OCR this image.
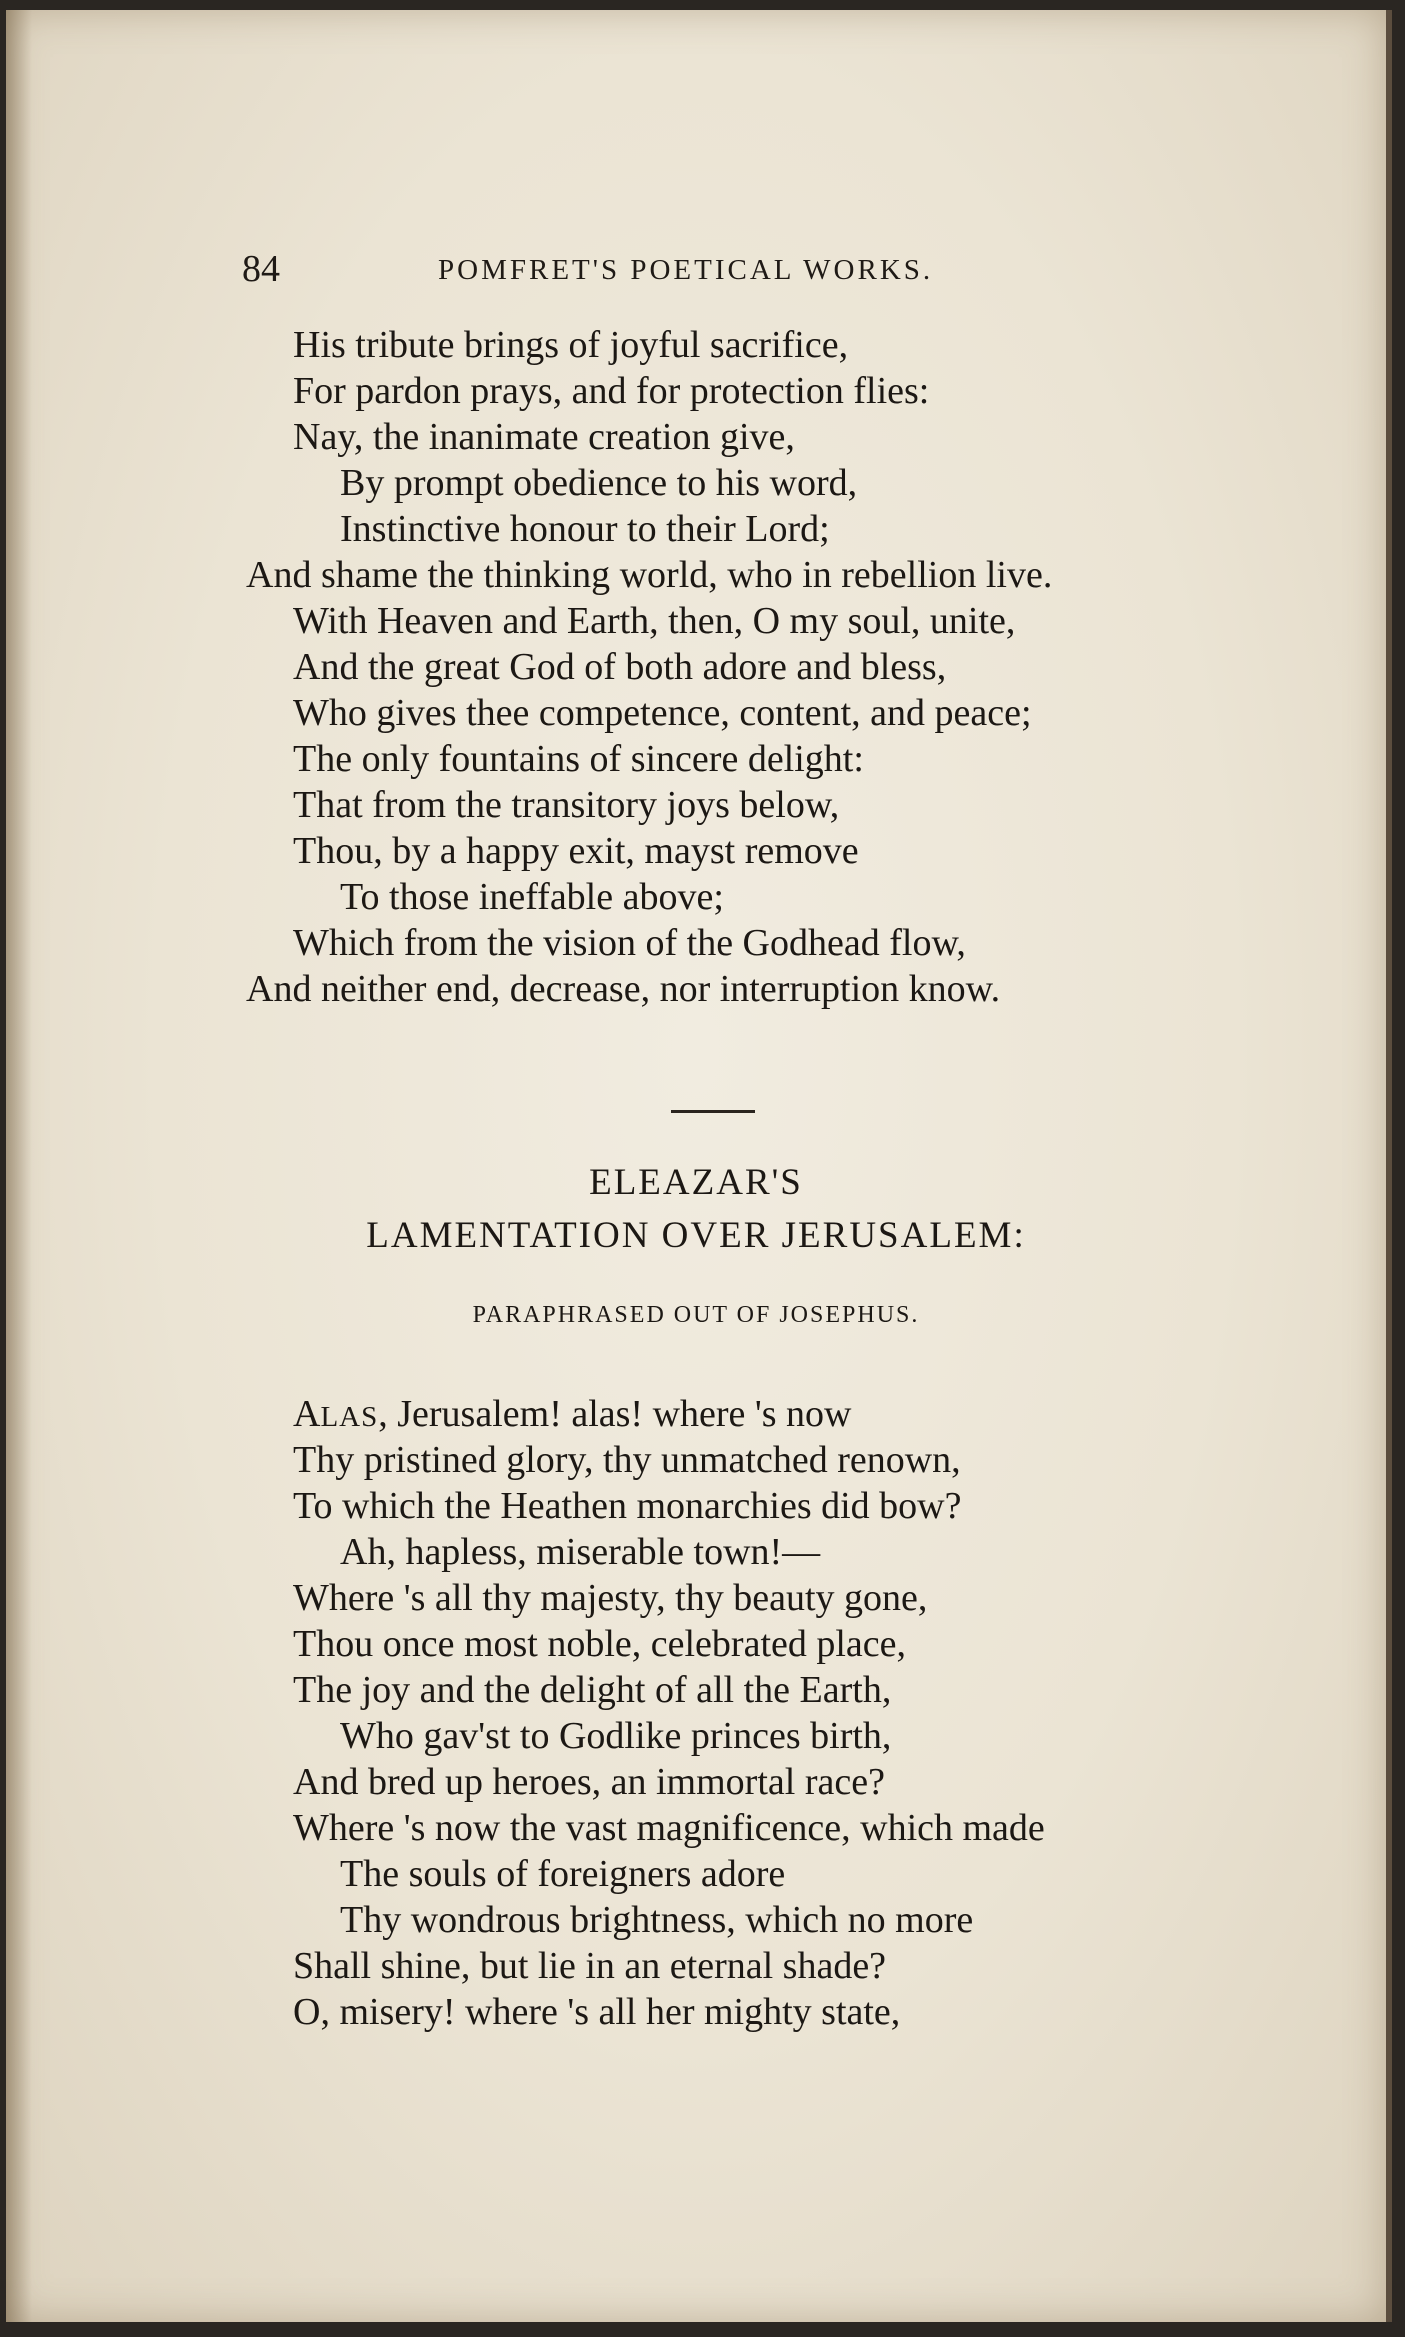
84	POMFRET'S POETICAL WORKS.
His tribute brings of joyful sacrifice,
For pardon prays, and for protection flies:
Nay, the inanimate creation give,
By prompt obedience to his word,
Instinctive honour to their Lord;
And shame the thinking world, who in rebellion live.
With Heaven and Earth, then, O my soul, unite,
And the great God of both adore and bless,
Who gives thee competence, content, and peace;
The only fountains of sincere delight:
That from the transitory joys below,
Thou, by a happy exit, mayst remove
To those ineffable above;
Which from the vision of the Godhead flow,
And neither end, decrease, nor interruption know.
ELEAZAR'S
LAMENTATION OVER JERUSALEM:
PARAPHRASED OUT OF JOSEPHUS.
ALAS, Jerusalem! alas! where 's now
Thy pristined glory, thy unmatched renown,
To which the Heathen monarchies did bow?
Ah, hapless, miserable town!—
Where 's all thy majesty, thy beauty gone,
Thou once most noble, celebrated place,
The joy and the delight of all the Earth,
Who gav'st to Godlike princes birth,
And bred up heroes, an immortal race?
Where 's now the vast magnificence, which made
The souls of foreigners adore
Thy wondrous brightness, which no more
Shall shine, but lie in an eternal shade?
O, misery! where 's all her mighty state,
